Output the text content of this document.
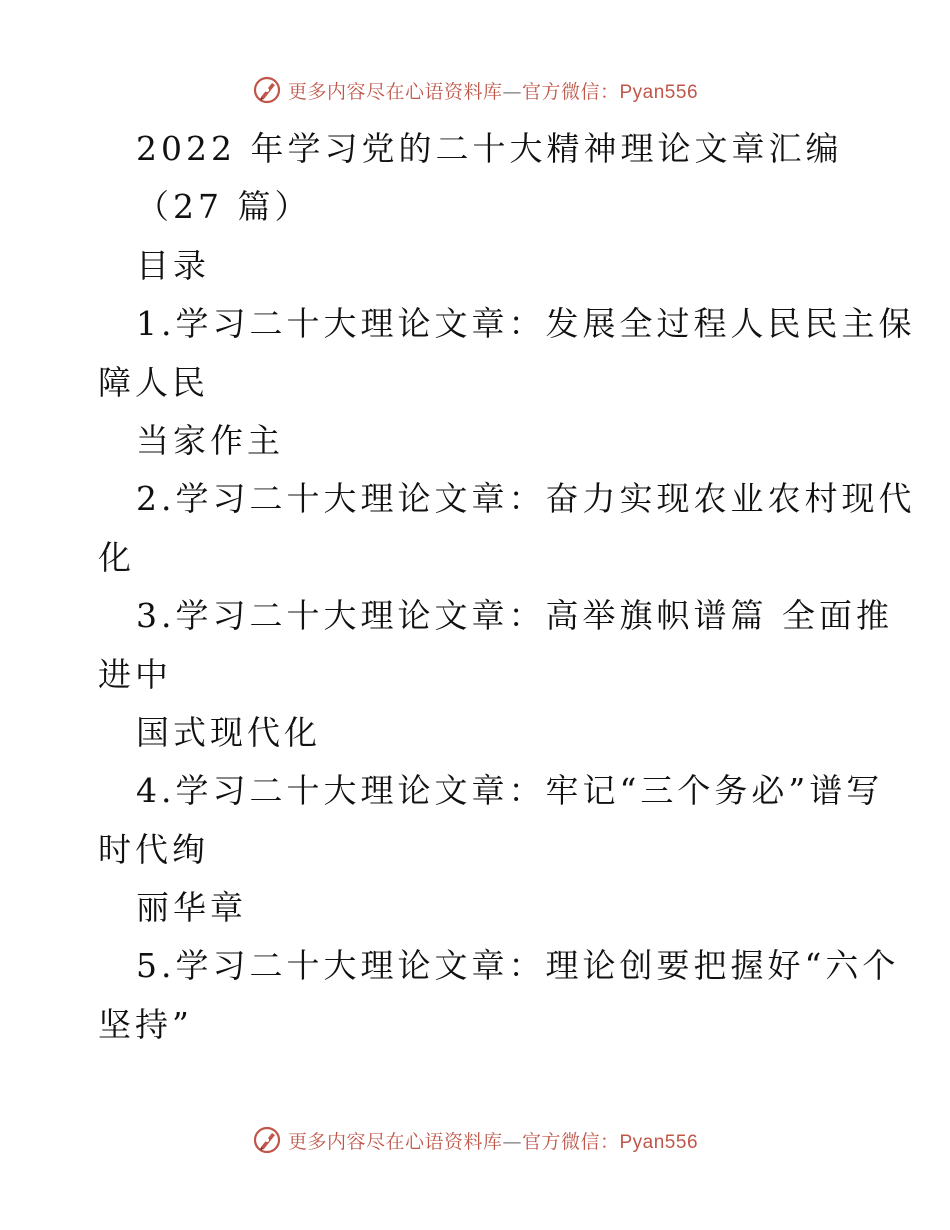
更多内容尽在心语资料库—官方微信：Pyan556
2022 年学习党的二十大精神理论文章汇编
（27 篇）
目录
1.学习二十大理论文章：发展全过程人民民主保
障人民
当家作主
2.学习二十大理论文章：奋力实现农业农村现代
化
3.学习二十大理论文章：高举旗帜谱篇 全面推
进中
国式现代化
4.学习二十大理论文章：牢记“三个务必”谱写
时代绚
丽华章
5.学习二十大理论文章：理论创要把握好“六个
坚持”
更多内容尽在心语资料库—官方微信：Pyan556
